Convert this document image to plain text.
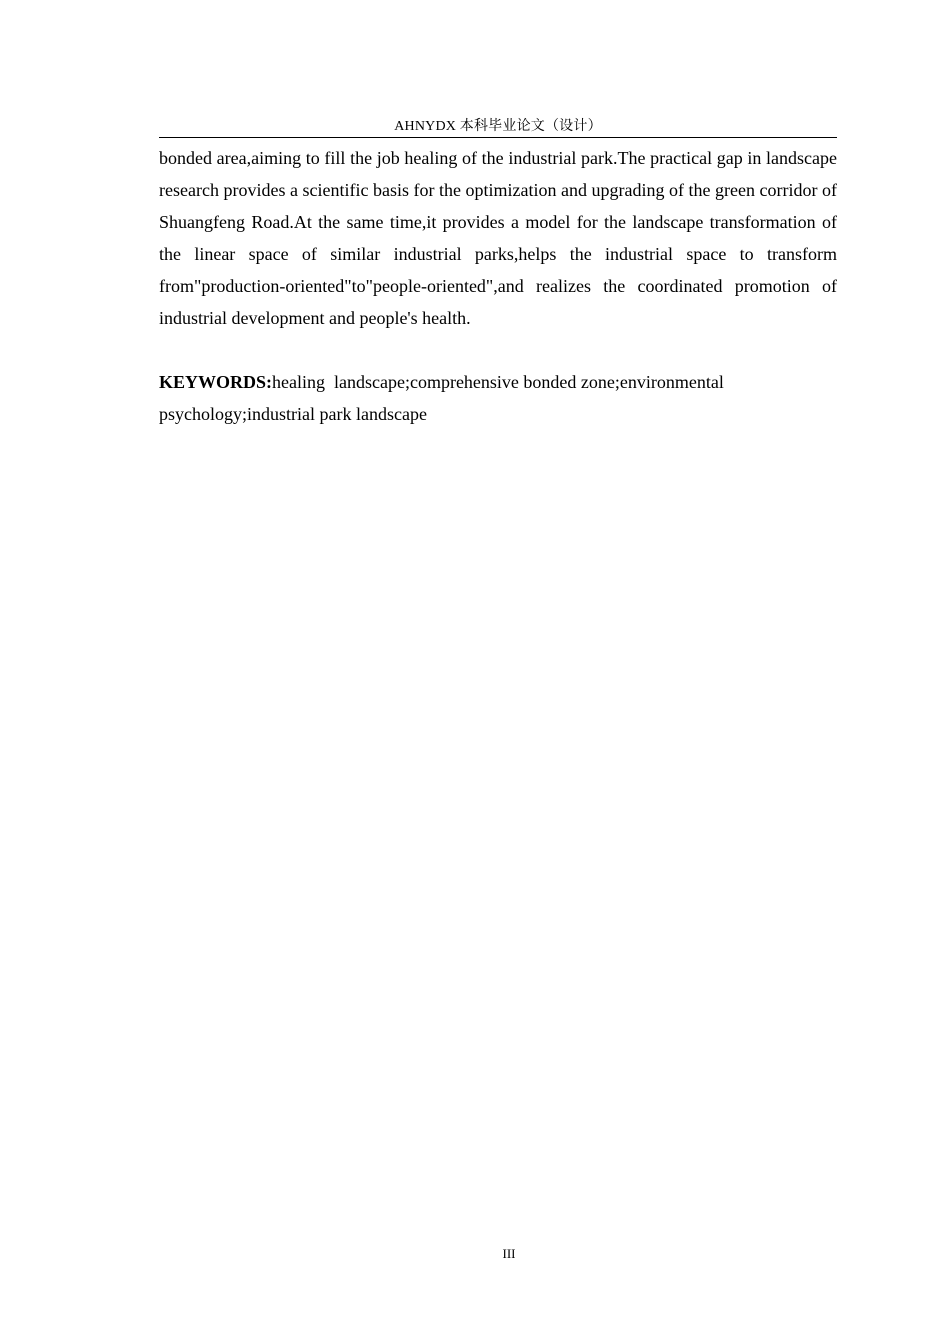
AHNYDX 本科毕业论文（设计）

bonded area,aiming to fill the job healing of the industrial park.The practical gap in landscape research provides a scientific basis for the optimization and upgrading of the green corridor of Shuangfeng Road.At the same time,it provides a model for the landscape transformation of the linear space of similar industrial parks,helps the industrial space to transform from"production-oriented"to"people-oriented",and realizes the coordinated promotion of industrial development and people's health.

KEYWORDS:healing  landscape;comprehensive bonded zone;environmental
psychology;industrial park landscape

III
